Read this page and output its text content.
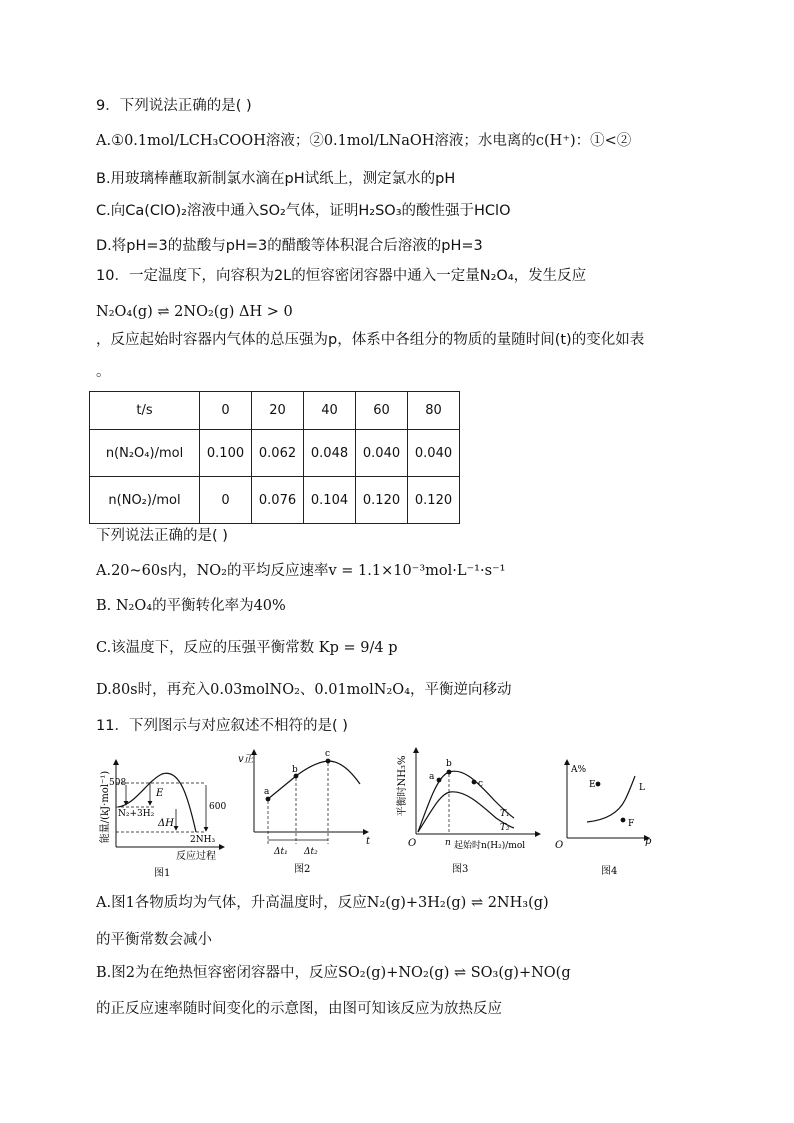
9．下列说法正确的是( )
A.①0.1mol/LCH₃COOH溶液；②0.1mol/LNaOH溶液；水电离的c(H⁺)：①<②
B.用玻璃棒蘸取新制氯水滴在pH试纸上，测定氯水的pH
C.向Ca(ClO)₂溶液中通入SO₂气体，证明H₂SO₃的酸性强于HClO
D.将pH=3的盐酸与pH=3的醋酸等体积混合后溶液的pH=3
10．一定温度下，向容积为2L的恒容密闭容器中通入一定量N₂O₄，发生反应
N₂O₄(g) ⇌ 2NO₂(g) ΔH > 0
，反应起始时容器内气体的总压强为p，体系中各组分的物质的量随时间(t)的变化如表
。
t/s	0	20	40	60	80
n(N₂O₄)/mol	0.100	0.062	0.048	0.040	0.040
n(NO₂)/mol	0	0.076	0.104	0.120	0.120
下列说法正确的是( )
A.20~60s内，NO₂的平均反应速率v = 1.1×10⁻³mol·L⁻¹·s⁻¹
B. N₂O₄的平衡转化率为40%
C.该温度下，反应的压强平衡常数 Kp = 9/4 p
D.80s时，再充入0.03molNO₂、0.01molN₂O₄，平衡逆向移动
11．下列图示与对应叙述不相符的是( )
能量/(kJ·mol⁻¹)
508
E
600
ΔH
N₂+3H₂
2NH₃
反应过程
图1
v正
t
a
b
c
Δt₁ Δt₂
图2
平衡时NH₃% a
b
c
T₁
T₂
O	n 起始时n(H₂)/mol
图3
A%
E
F
L
O	p
图4
A.图1各物质均为气体，升高温度时，反应N₂(g)+3H₂(g) ⇌ 2NH₃(g)
的平衡常数会减小
B.图2为在绝热恒容密闭容器中，反应SO₂(g)+NO₂(g) ⇌ SO₃(g)+NO(g
的正反应速率随时间变化的示意图，由图可知该反应为放热反应
